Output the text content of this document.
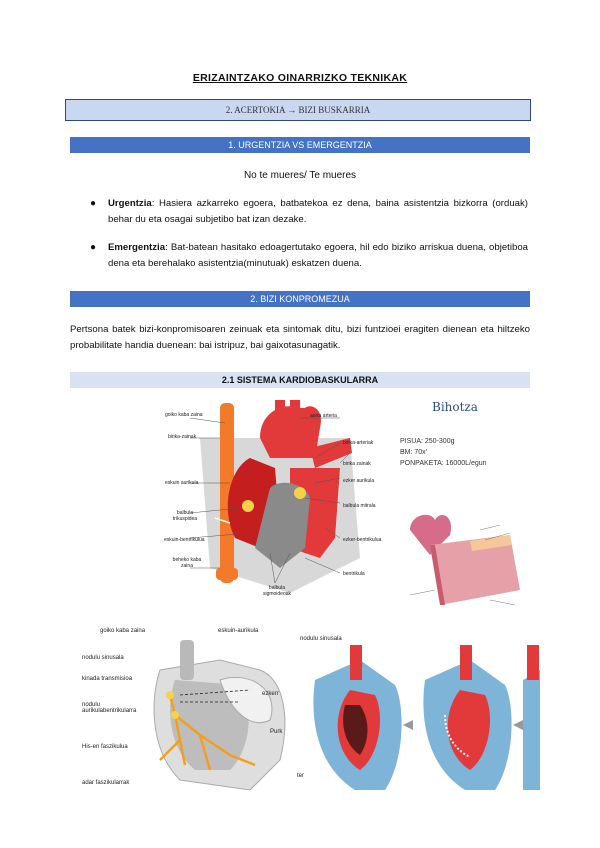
ERIZAINTZAKO OINARRIZKO TEKNIKAK
2. ACERTOKIA → BIZI BUSKARRIA
1. URGENTZIA VS EMERGENTZIA
No te mueres/ Te mueres
● Urgentzia: Hasiera azkarreko egoera, batbatekoa ez dena, baina asistentzia bizkorra (orduak) behar du eta osagai subjetibo bat izan dezake.
● Emergentzia: Bat-batean hasitako edoagertutako egoera, hil edo biziko arriskua duena, objetiboa dena eta berehalako asistentzia(minutuak) eskatzen duena.
2. BIZI KONPROMEZUA
Pertsona batek bizi-konpromisoaren zeinuak eta sintomak ditu, bizi funtzioei eragiten dienean eta hiltzeko probabilitate handia duenean: bai istripuz, bai gaixotasunagatik.
2.1 SISTEMA KARDIOBASKULARRA
goiko kaba zaina	aorta arteria
birika-zainak
birika-arteriak
birika zainak
eskuin aurikula	ezker aurikula
balbula mitrala
balbula trikuspidea
eskuin-bentrikulua	ezker-bentrikulua
beheko kaba zaina
bentrikula
balbula sigmoideoak
Bihotza
PISUA: 250-300g
BM: 70x'
PONPAKETA: 16000L/egun
goiko kaba zaina	eskuin-aurikula
nodulu sinusala
kinada transmisioa
ezkerr
nodulu aurikulabentrikularra
Purk
His-en faszikulua
ter
adar faszikularrak
nodulu sinusala
